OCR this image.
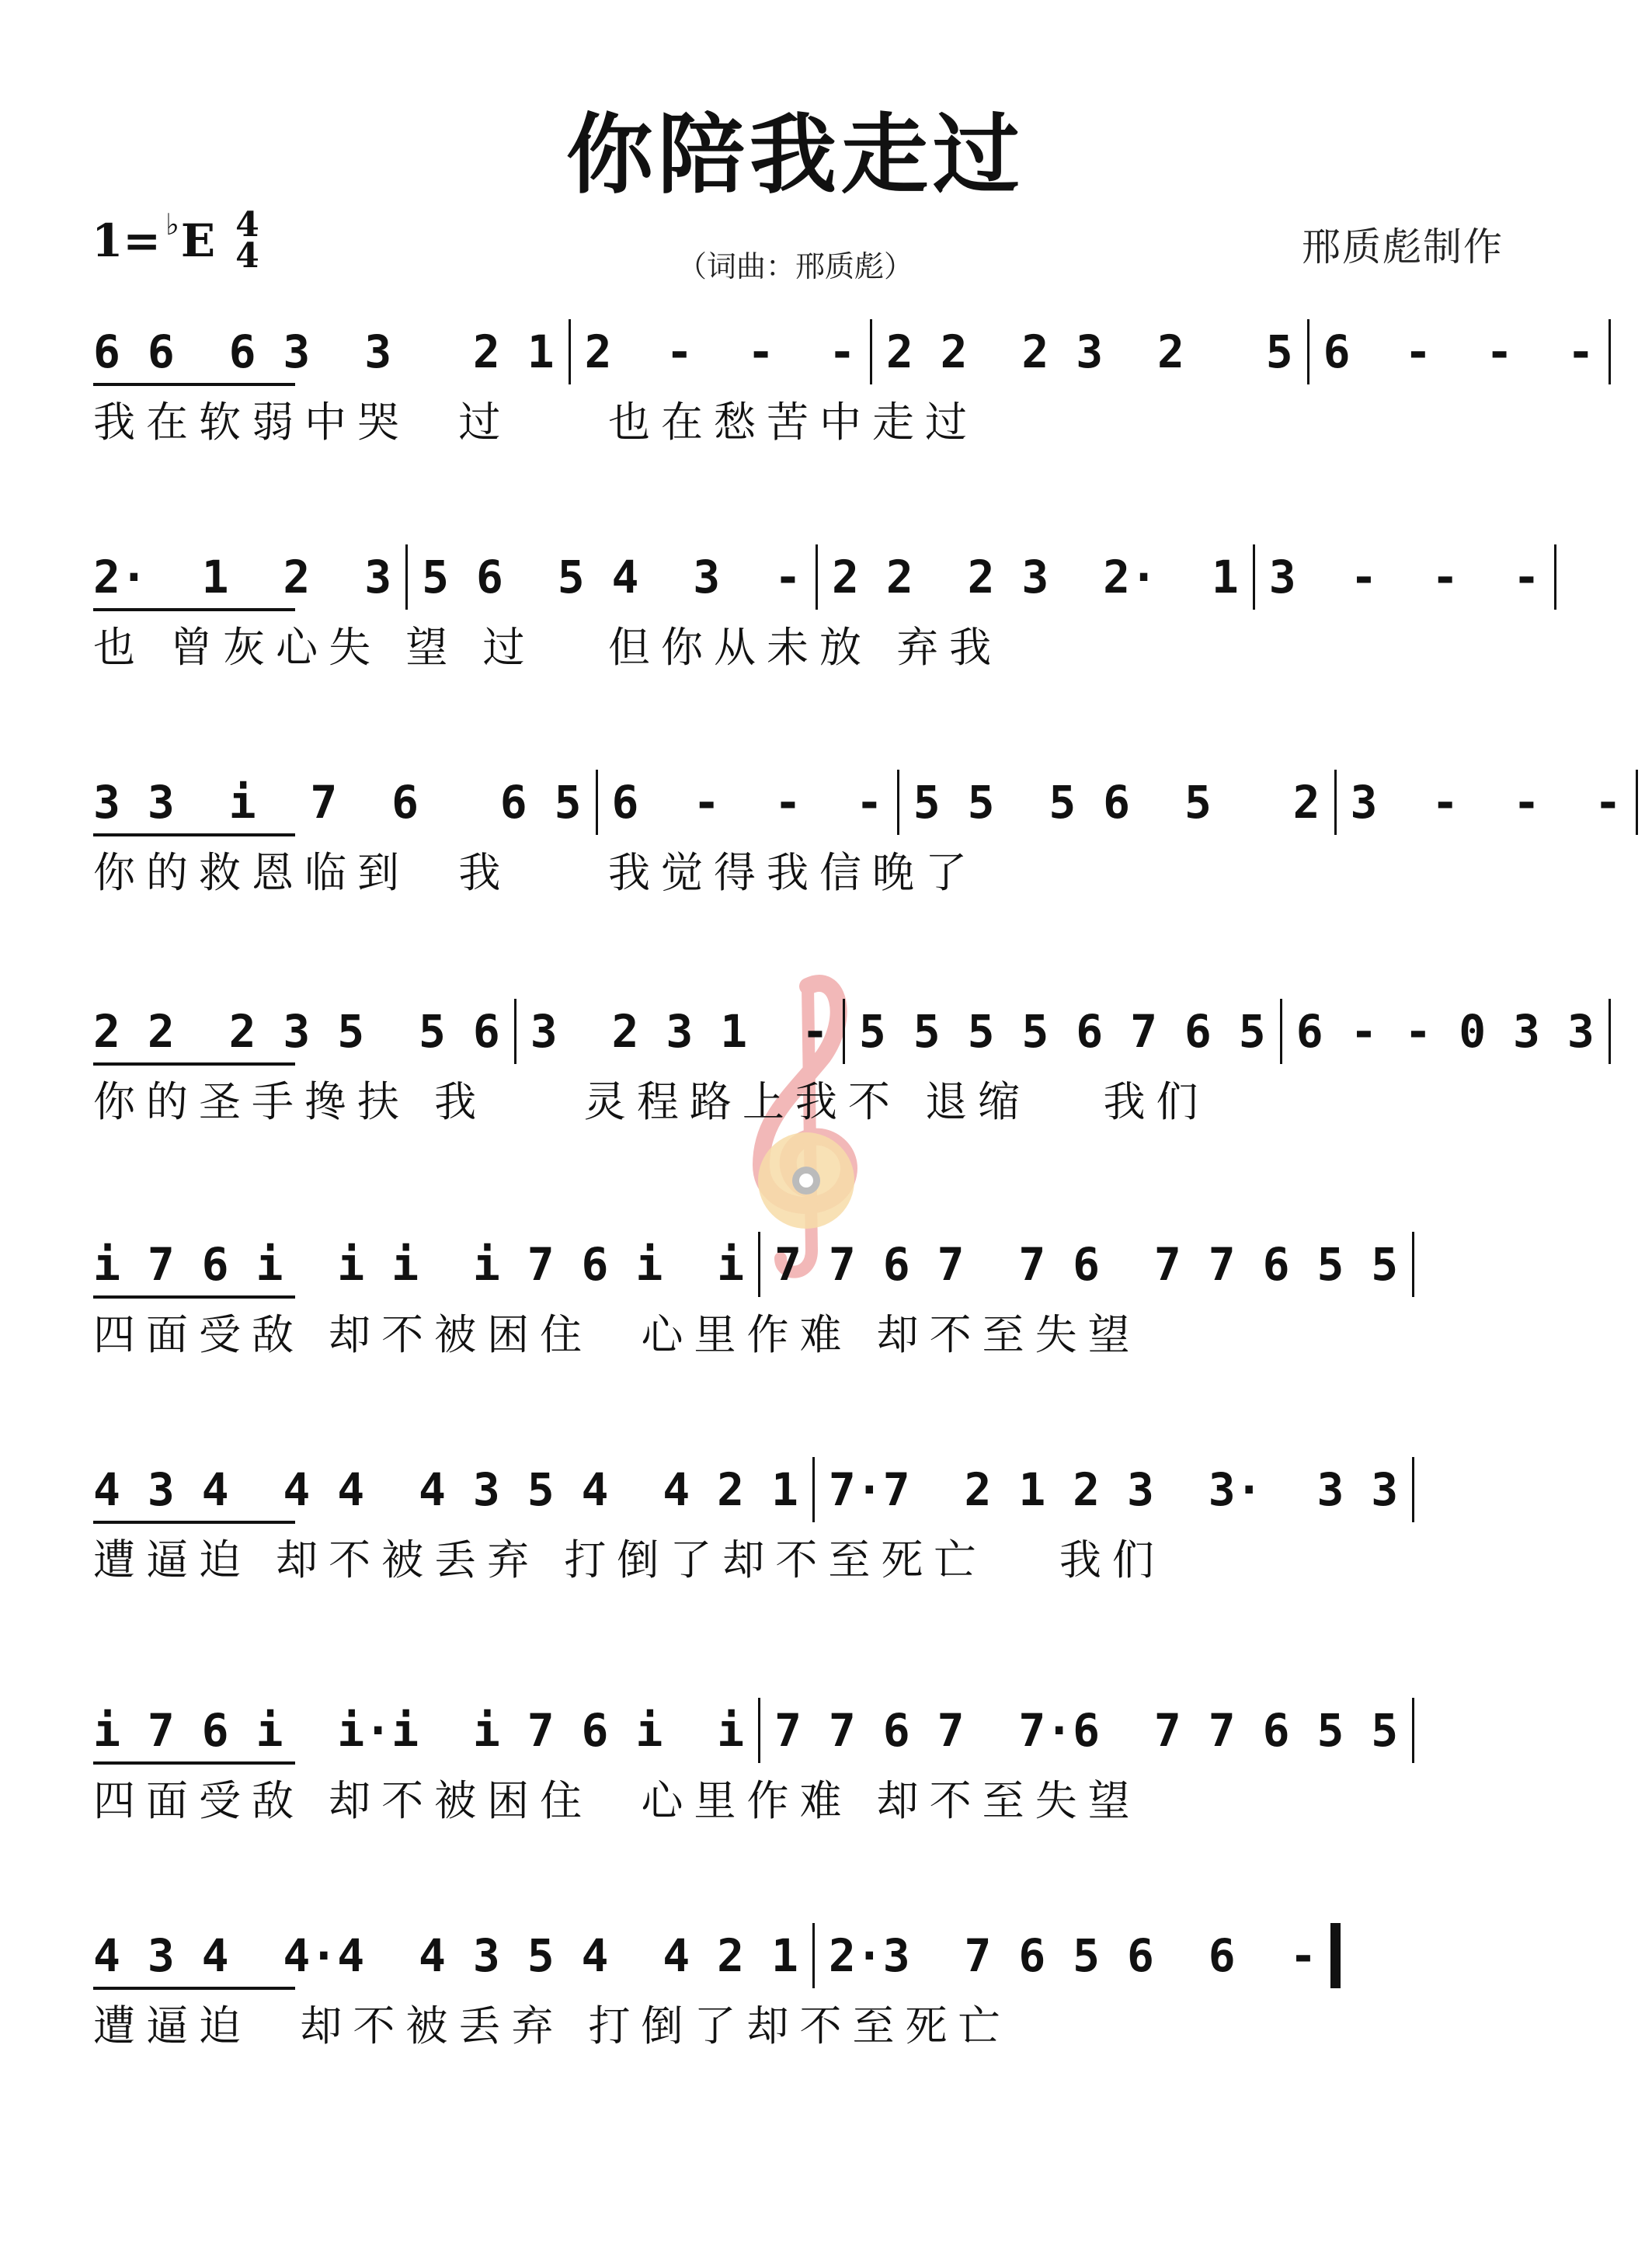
你陪我走过
1= ♭ E 4
4	（词曲：邢质彪）	邢质彪制作
6 6  6 3  3   2 1 2  -  -  - 2 2  2 3  2   5 6  -  -  -
我在软弱中哭  过    也在愁苦中走过
2·  1  2  3 5 6  5 4  3  - 2 2  2 3  2·  1 3  -  -  -
也 曾灰心失 望 过   但你从未放 弃我
3 3  i  7  6   6 5 6  -  -  - 5 5  5 6  5   2 3  -  -  -
你的救恩临到  我    我觉得我信晚了
2 2  2 3 5  5 6 3  2 3 1  - 5 5 5 5 6 7 6 5 6 - - 0 3 3
你的圣手搀扶 我    灵程路上我不 退缩   我们
i 7 6 i  i i  i 7 6 i  i 7 7 6 7  7 6  7 7 6 5 5
四面受敌 却不被困住  心里作难 却不至失望
4 3 4  4 4  4 3 5 4  4 2 1 7·7  2 1 2 3  3·  3 3
遭逼迫 却不被丢弃 打倒了却不至死亡   我们
i 7 6 i  i·i  i 7 6 i  i 7 7 6 7  7·6  7 7 6 5 5
四面受敌 却不被困住  心里作难 却不至失望
4 3 4  4·4  4 3 5 4  4 2 1 2·3  7 6 5 6  6  -
遭逼迫  却不被丢弃 打倒了却不至死亡
